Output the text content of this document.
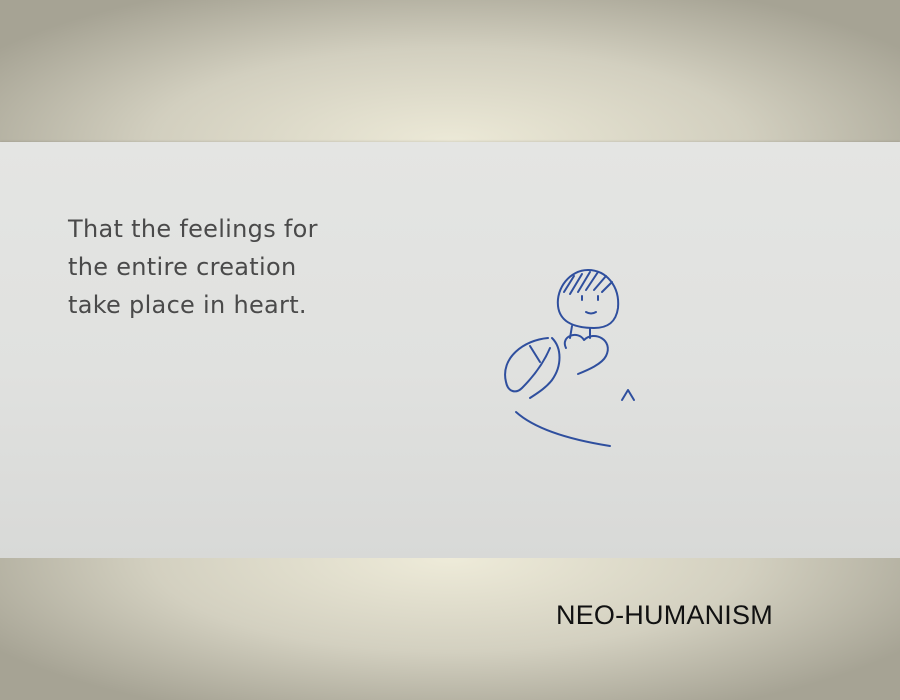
That the feelings for
the entire creation
take place in heart.
NEO-HUMANISM
